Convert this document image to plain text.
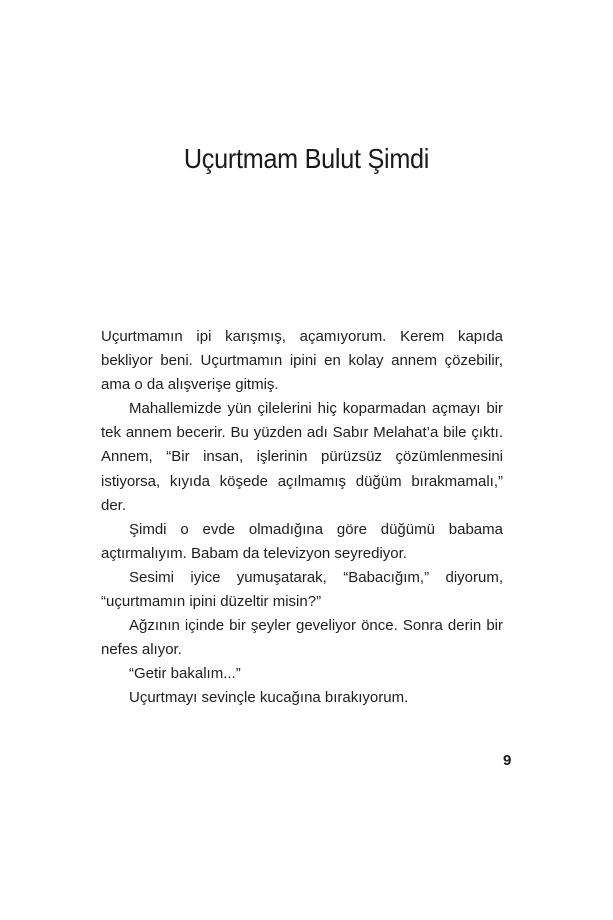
Uçurtmam Bulut Şimdi

Uçurtmamın ipi karışmış, açamıyorum. Kerem kapıda bekliyor beni. Uçurtmamın ipini en kolay annem çözebilir, ama o da alışverişe gitmiş.

Mahallemizde yün çilelerini hiç koparmadan açmayı bir tek annem becerir. Bu yüzden adı Sabır Melahat’a bile çıktı. Annem, “Bir insan, işlerinin pürüzsüz çözümlenmesini istiyorsa, kıyıda köşede açılmamış düğüm bırakmamalı,” der.

Şimdi o evde olmadığına göre düğümü babama açtırmalıyım. Babam da televizyon seyrediyor.

Sesimi iyice yumuşatarak, “Babacığım,” diyorum, “uçurtmamın ipini düzeltir misin?”

Ağzının içinde bir şeyler geveliyor önce. Sonra derin bir nefes alıyor.

“Getir bakalım...”

Uçurtmayı sevinçle kucağına bırakıyorum.

9
